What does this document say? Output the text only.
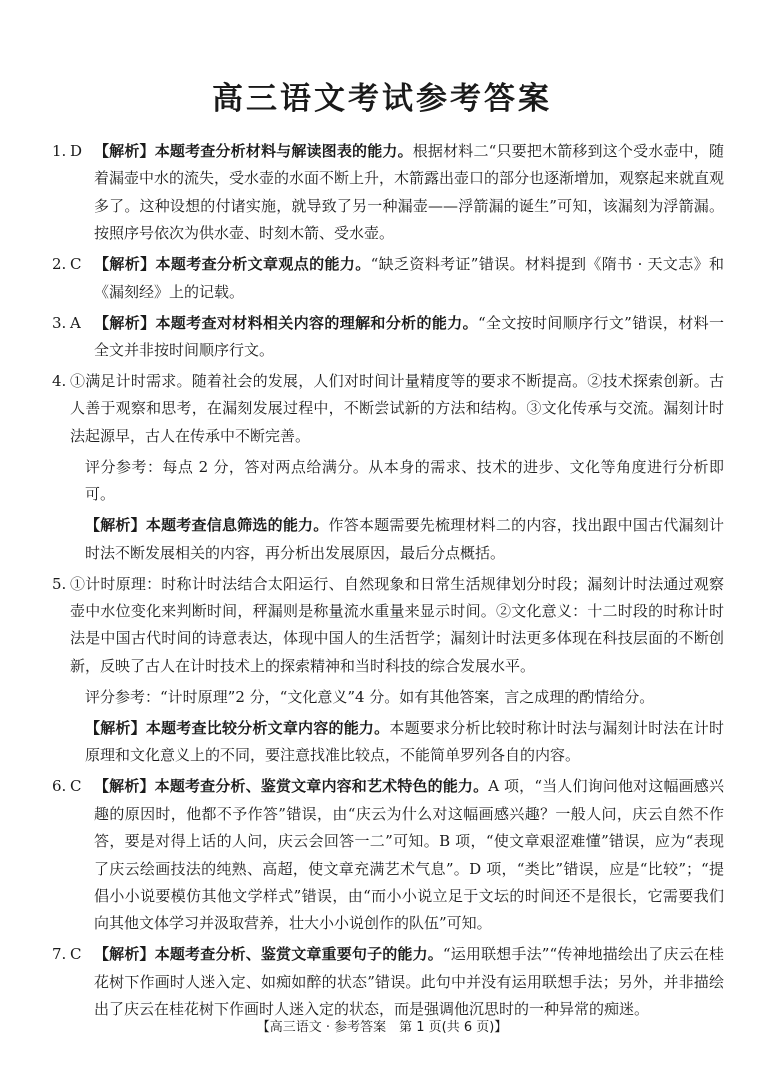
高三语文考试参考答案
1. D 【解析】本题考查分析材料与解读图表的能力。根据材料二“只要把木箭移到这个受水壶中，随着漏壶中水的流失，受水壶的水面不断上升，木箭露出壶口的部分也逐渐增加，观察起来就直观多了。这种设想的付诸实施，就导致了另一种漏壶——浮箭漏的诞生”可知，该漏刻为浮箭漏。按照序号依次为供水壶、时刻木箭、受水壶。
2. C 【解析】本题考查分析文章观点的能力。“缺乏资料考证”错误。材料提到《隋书 · 天文志》和《漏刻经》上的记载。
3. A 【解析】本题考查对材料相关内容的理解和分析的能力。“全文按时间顺序行文”错误，材料一全文并非按时间顺序行文。
4. ①满足计时需求。随着社会的发展，人们对时间计量精度等的要求不断提高。②技术探索创新。古人善于观察和思考，在漏刻发展过程中，不断尝试新的方法和结构。③文化传承与交流。漏刻计时法起源早，古人在传承中不断完善。
评分参考：每点 2 分，答对两点给满分。从本身的需求、技术的进步、文化等角度进行分析即可。
【解析】本题考查信息筛选的能力。作答本题需要先梳理材料二的内容，找出跟中国古代漏刻计时法不断发展相关的内容，再分析出发展原因，最后分点概括。
5. ①计时原理：时称计时法结合太阳运行、自然现象和日常生活规律划分时段；漏刻计时法通过观察壶中水位变化来判断时间，秤漏则是称量流水重量来显示时间。②文化意义：十二时段的时称计时法是中国古代时间的诗意表达，体现中国人的生活哲学；漏刻计时法更多体现在科技层面的不断创新，反映了古人在计时技术上的探索精神和当时科技的综合发展水平。
评分参考：“计时原理”2 分，“文化意义”4 分。如有其他答案，言之成理的酌情给分。
【解析】本题考查比较分析文章内容的能力。本题要求分析比较时称计时法与漏刻计时法在计时原理和文化意义上的不同，要注意找准比较点，不能简单罗列各自的内容。
6. C 【解析】本题考查分析、鉴赏文章内容和艺术特色的能力。A 项，“当人们询问他对这幅画感兴趣的原因时，他都不予作答”错误，由“庆云为什么对这幅画感兴趣？一般人问，庆云自然不作答，要是对得上话的人问，庆云会回答一二”可知。B 项，“使文章艰涩难懂”错误，应为“表现了庆云绘画技法的纯熟、高超，使文章充满艺术气息”。D 项，“类比”错误，应是“比较”；“提倡小小说要模仿其他文学样式”错误，由“而小小说立足于文坛的时间还不是很长，它需要我们向其他文体学习并汲取营养，壮大小小说创作的队伍”可知。
7. C 【解析】本题考查分析、鉴赏文章重要句子的能力。“运用联想手法”“传神地描绘出了庆云在桂花树下作画时人迷入定、如痴如醉的状态”错误。此句中并没有运用联想手法；另外，并非描绘出了庆云在桂花树下作画时人迷入定的状态，而是强调他沉思时的一种异常的痴迷。
【高三语文 · 参考答案　第 1 页(共 6 页)】
